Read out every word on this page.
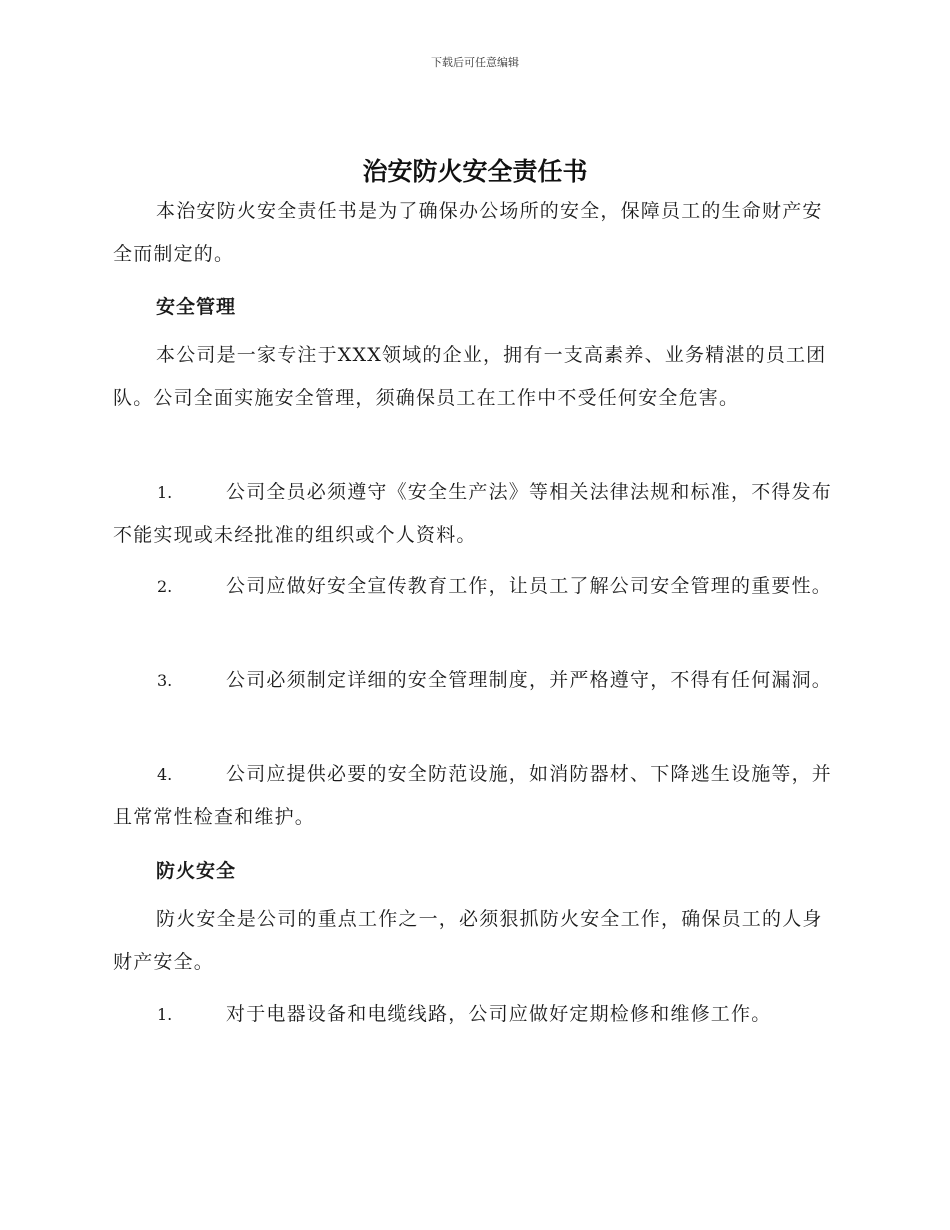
下载后可任意编辑
治安防火安全责任书

本治安防火安全责任书是为了确保办公场所的安全，保障员工的生命财产安全而制定的。

安全管理

本公司是一家专注于XXX领域的企业，拥有一支高素养、业务精湛的员工团队。公司全面实施安全管理，须确保员工在工作中不受任何安全危害。

1.	公司全员必须遵守《安全生产法》等相关法律法规和标准，不得发布不能实现或未经批准的组织或个人资料。

2.	公司应做好安全宣传教育工作，让员工了解公司安全管理的重要性。

3.	公司必须制定详细的安全管理制度，并严格遵守，不得有任何漏洞。

4.	公司应提供必要的安全防范设施，如消防器材、下降逃生设施等，并且常常性检查和维护。

防火安全

防火安全是公司的重点工作之一，必须狠抓防火安全工作，确保员工的人身财产安全。

1.	对于电器设备和电缆线路，公司应做好定期检修和维修工作。
